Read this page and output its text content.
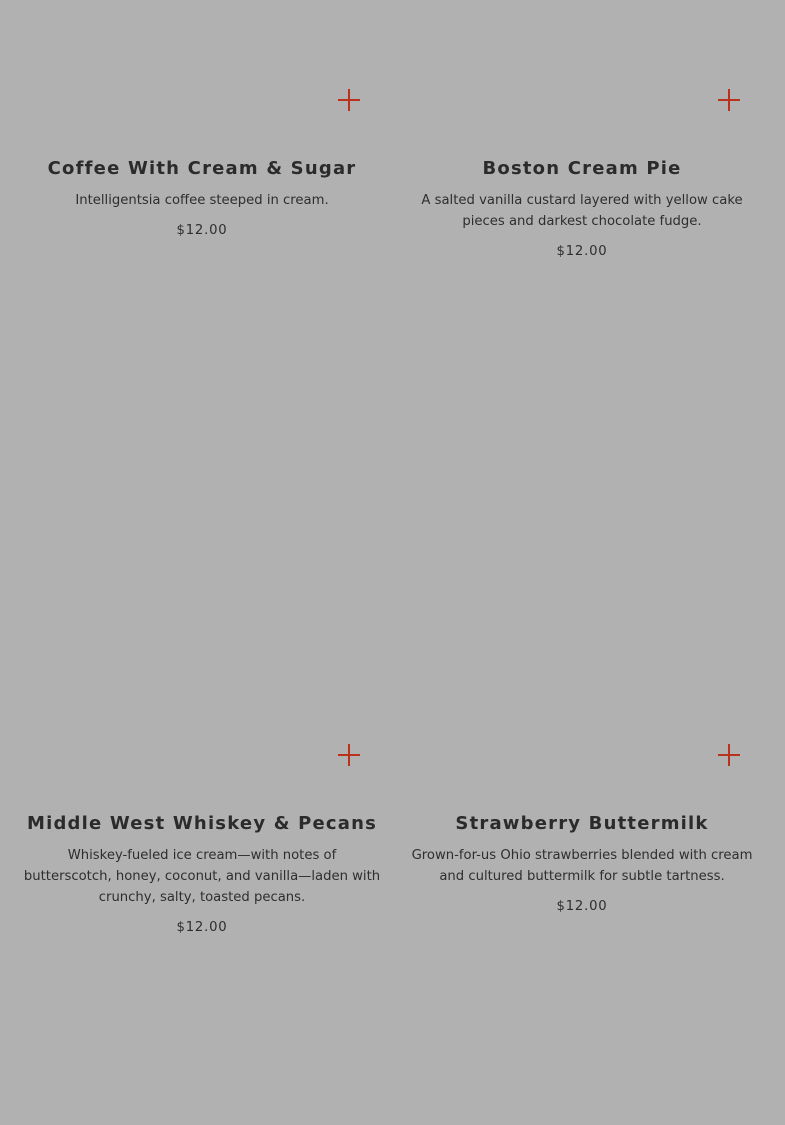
Coffee With Cream & Sugar
Intelligentsia coffee steeped in cream.
$12.00
Boston Cream Pie
A salted vanilla custard layered with yellow cake pieces and darkest chocolate fudge.
$12.00
Middle West Whiskey & Pecans
Whiskey-fueled ice cream—with notes of butterscotch, honey, coconut, and vanilla—laden with crunchy, salty, toasted pecans.
$12.00
Strawberry Buttermilk
Grown-for-us Ohio strawberries blended with cream and cultured buttermilk for subtle tartness.
$12.00
